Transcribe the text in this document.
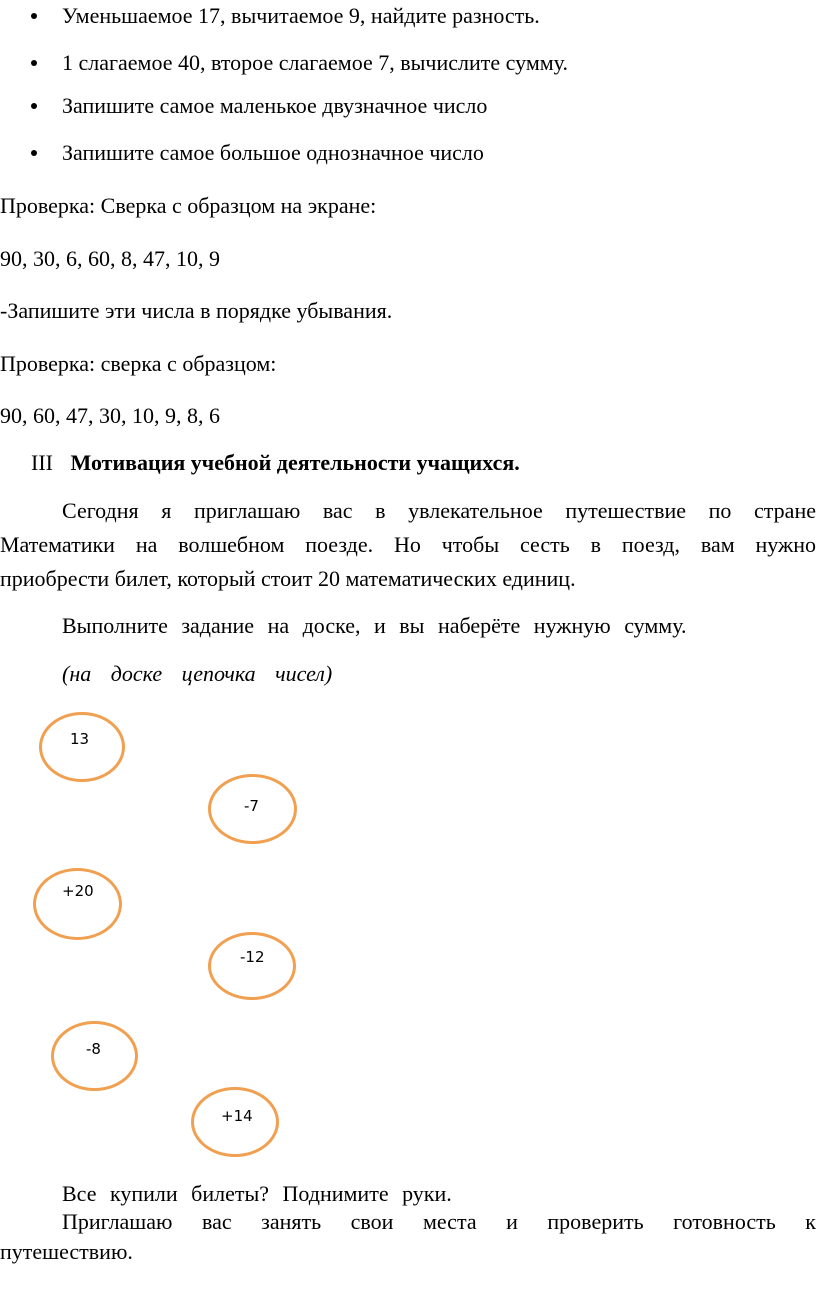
Уменьшаемое 17, вычитаемое 9, найдите разность.
1 слагаемое 40, второе слагаемое 7, вычислите сумму.
Запишите самое маленькое двузначное число
Запишите самое большое однозначное число
Проверка: Сверка с образцом на экране:
90, 30, 6, 60, 8, 47, 10, 9
-Запишите эти числа в порядке убывания.
Проверка: сверка с образцом:
90, 60, 47, 30, 10, 9, 8, 6
III Мотивация учебной деятельности учащихся.
Сегодня я приглашаю вас в увлекательное путешествие по стране
Математики на волшебном поезде. Но чтобы сесть в поезд, вам нужно
приобрести билет, который стоит 20 математических единиц.
Выполните задание на доске, и вы наберёте нужную сумму.
(на доске цепочка чисел)
13
-7
+20
-12
-8
+14
Все купили билеты? Поднимите руки.
Приглашаю вас занять свои места и проверить готовность к
путешествию.
